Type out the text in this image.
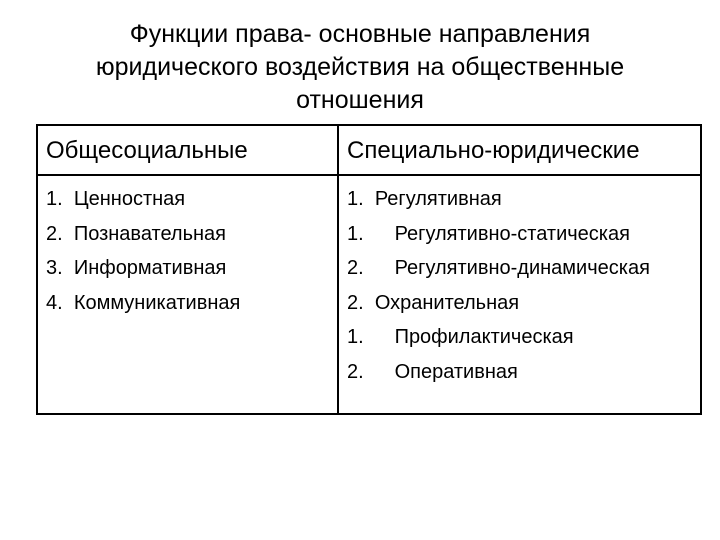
Функции права- основные направления
юридического воздействия на общественные
отношения
Общесоциальные	Специально-юридические
1.  Ценностная
2.  Познавательная
3.  Информативная
4.  Коммуникативная
1.  Регулятивная
1. Регулятивно-статическая
2. Регулятивно-динамическая
2.  Охранительная
1. Профилактическая
2. Оперативная
